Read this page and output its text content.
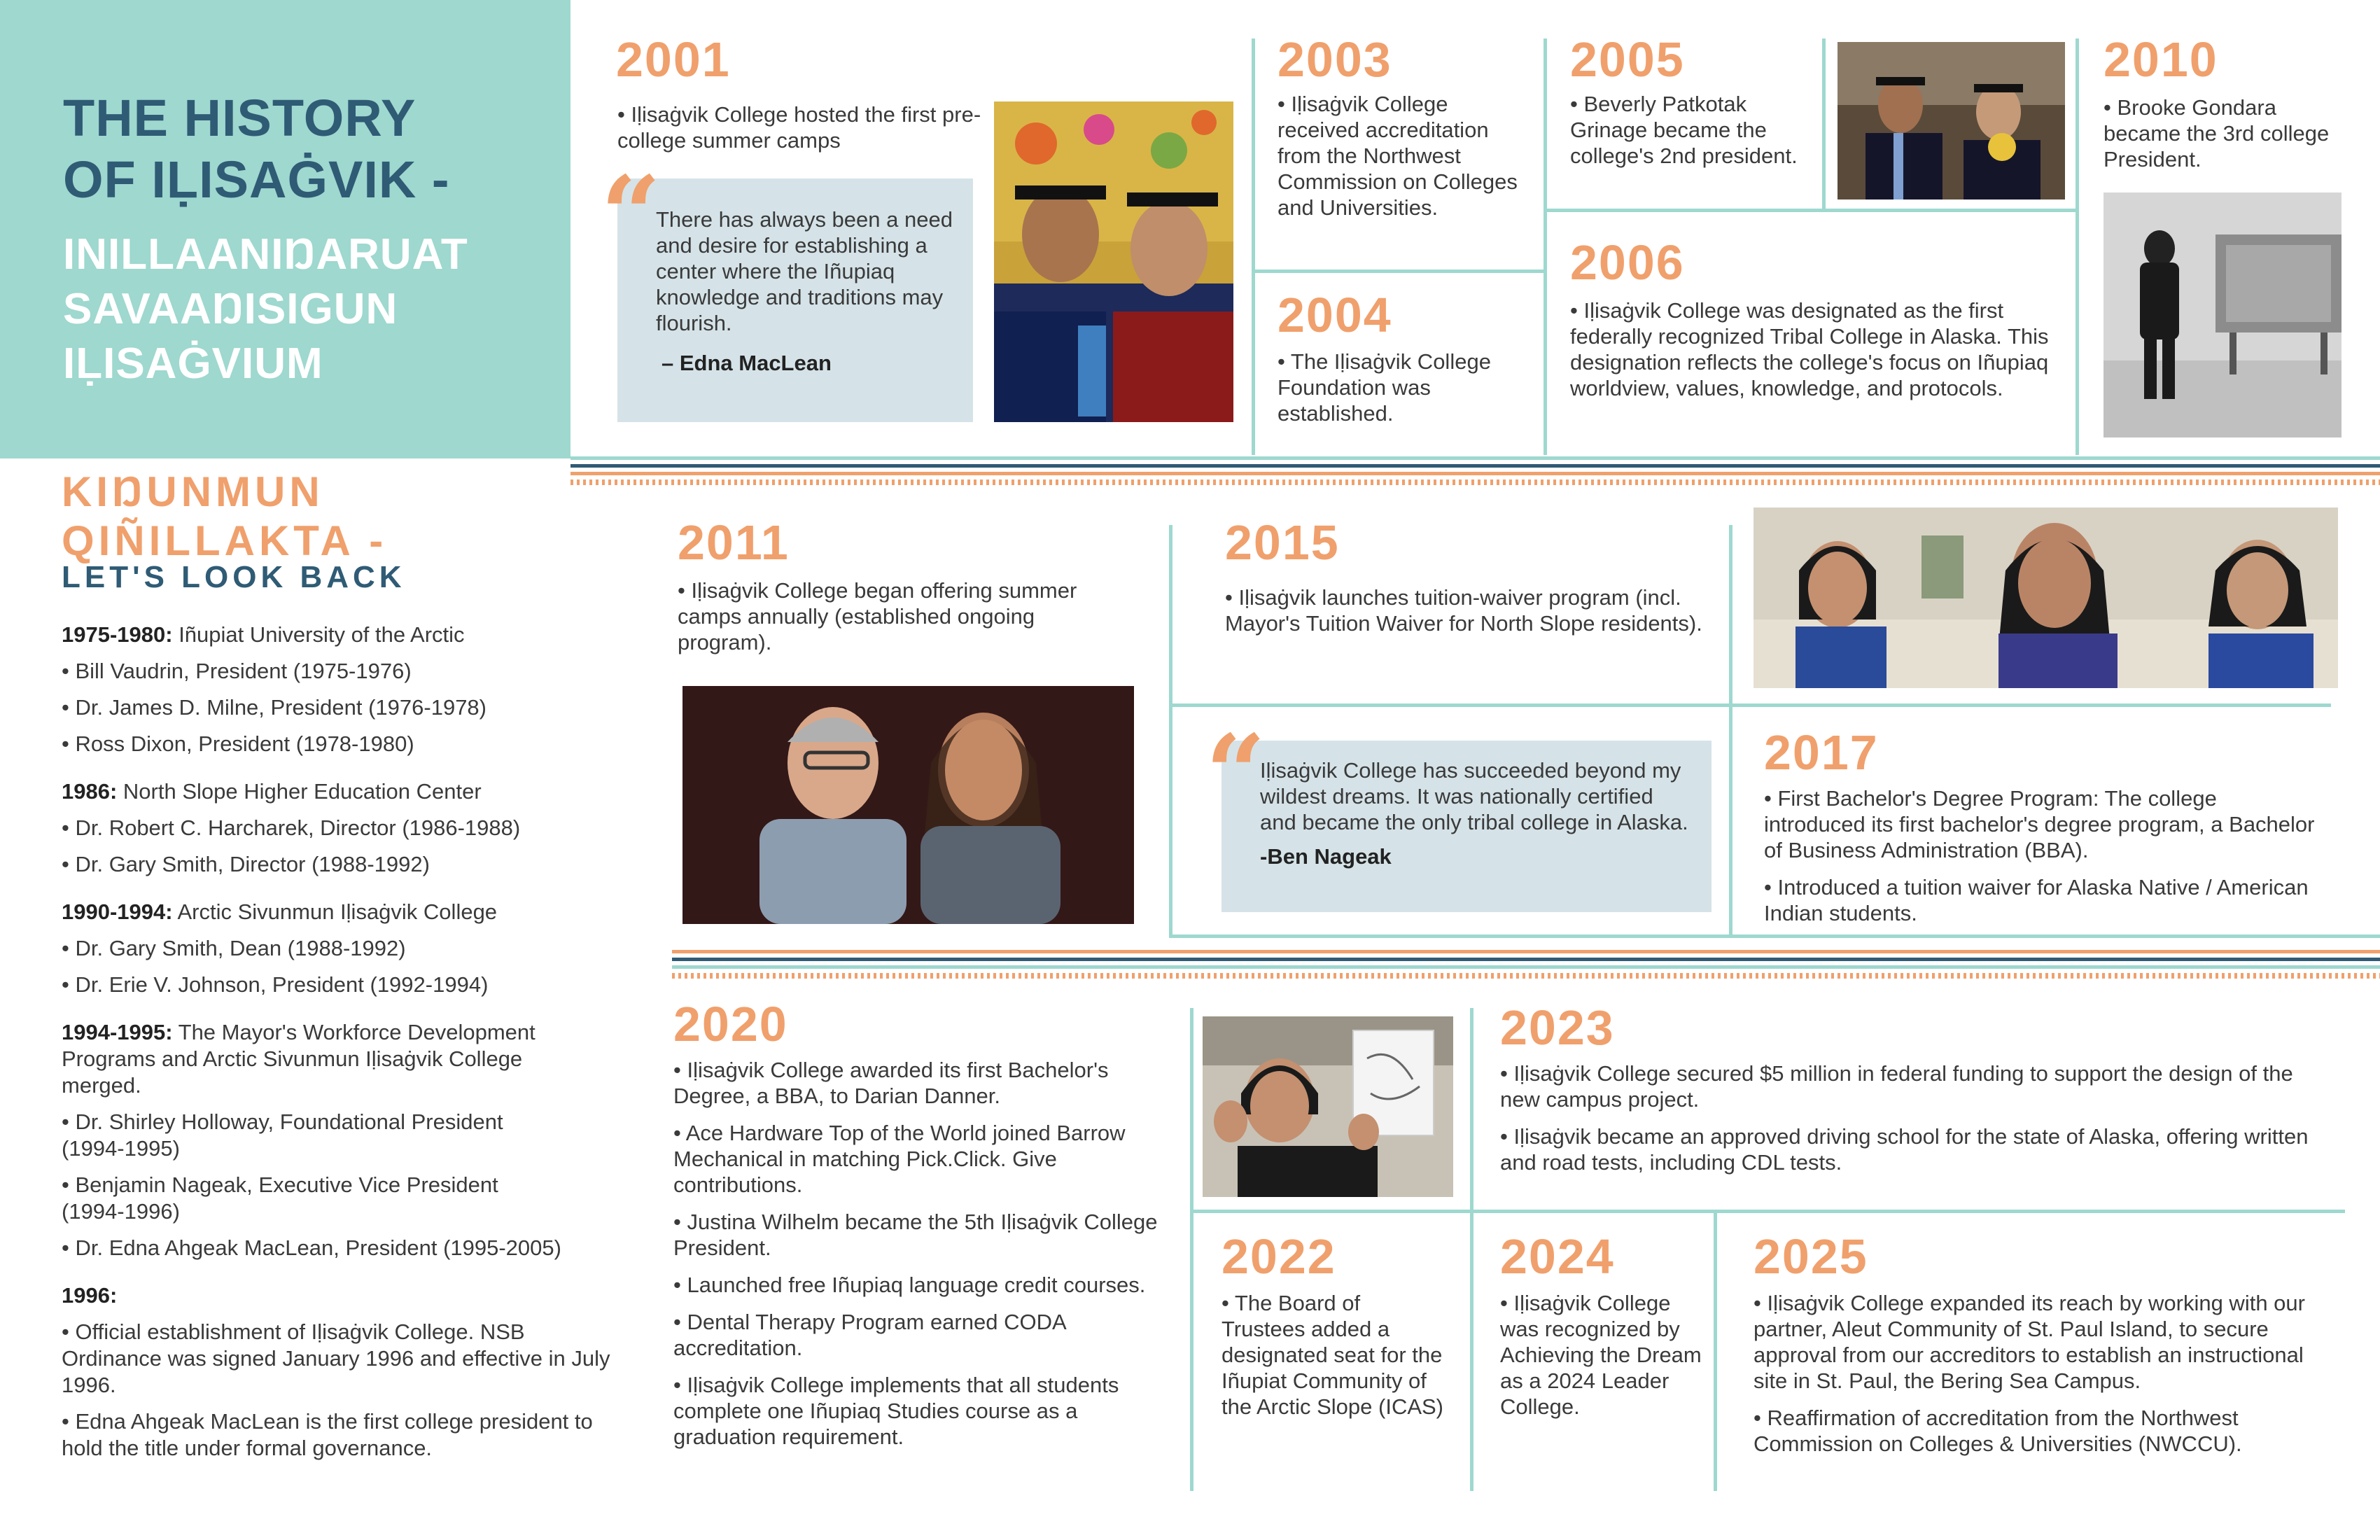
THE HISTORY
OF IḶISAĠVIK -
INILLAANIŊARUAT
SAVAAŊISIGUN
IḶISAĠVIUM
KIŊUNMUN
QIÑILLAKTA -
LET'S LOOK BACK
1975-1980: Iñupiat University of the Arctic
• Bill Vaudrin, President (1975-1976)
• Dr. James D. Milne, President (1976-1978)
• Ross Dixon, President (1978-1980)
1986: North Slope Higher Education Center
• Dr. Robert C. Harcharek, Director (1986-1988)
• Dr. Gary Smith, Director (1988-1992)
1990-1994: Arctic Sivunmun Iḷisaġvik College
• Dr. Gary Smith, Dean (1988-1992)
• Dr. Erie V. Johnson, President (1992-1994)
1994-1995: The Mayor's Workforce Development Programs and Arctic Sivunmun Iḷisaġvik College merged.
• Dr. Shirley Holloway, Foundational President (1994-1995)
• Benjamin Nageak, Executive Vice President (1994-1996)
• Dr. Edna Ahgeak MacLean, President (1995-2005)
1996:
• Official establishment of Iḷisaġvik College. NSB Ordinance was signed January 1996 and effective in July 1996.
• Edna Ahgeak MacLean is the first college president to hold the title under formal governance.
2001
• Iḷisaġvik College hosted the first pre-college summer camps
“
There has always been a need and desire for establishing a center where the Iñupiaq knowledge and traditions may flourish.
– Edna MacLean
2003
• Iḷisaġvik College received accreditation from the Northwest Commission on Colleges and Universities.
2004
• The Iḷisaġvik College Foundation was established.
2005
• Beverly Patkotak Grinage became the college's 2nd president.
2006
• Iḷisaġvik College was designated as the first federally recognized Tribal College in Alaska. This designation reflects the college's focus on Iñupiaq worldview, values, knowledge, and protocols.
2010
• Brooke Gondara became the 3rd college President.
2011
• Iḷisaġvik College began offering summer camps annually (established ongoing program).
2015
• Iḷisaġvik launches tuition-waiver program (incl. Mayor's Tuition Waiver for North Slope residents).
“
Iḷisaġvik College has succeeded beyond my wildest dreams. It was nationally certified and became the only tribal college in Alaska.
-Ben Nageak
2017

• First Bachelor's Degree Program: The college introduced its first bachelor's degree program, a Bachelor of Business Administration (BBA).

• Introduced a tuition waiver for Alaska Native / American Indian students.

2020

• Iḷisaġvik College awarded its first Bachelor's Degree, a BBA, to Darian Danner.

• Ace Hardware Top of the World joined Barrow Mechanical in matching Pick.Click. Give contributions.

• Justina Wilhelm became the 5th Iḷisaġvik College President.

• Launched free Iñupiaq language credit courses.

• Dental Therapy Program earned CODA accreditation.

• Iḷisaġvik College implements that all students complete one Iñupiaq Studies course as a graduation requirement.

2023

• Iḷisaġvik College secured $5 million in federal funding to support the design of the new campus project.

• Iḷisaġvik became an approved driving school for the state of Alaska, offering written and road tests, including CDL tests.

2022
• The Board of Trustees added a designated seat for the Iñupiat Community of the Arctic Slope (ICAS)
2024
• Iḷisaġvik College was recognized by Achieving the Dream as a 2024 Leader College.
2025

• Iḷisaġvik College expanded its reach by working with our partner, Aleut Community of St. Paul Island, to secure approval from our accreditors to establish an instructional site in St. Paul, the Bering Sea Campus.

• Reaffirmation of accreditation from the Northwest Commission on Colleges & Universities (NWCCU).
